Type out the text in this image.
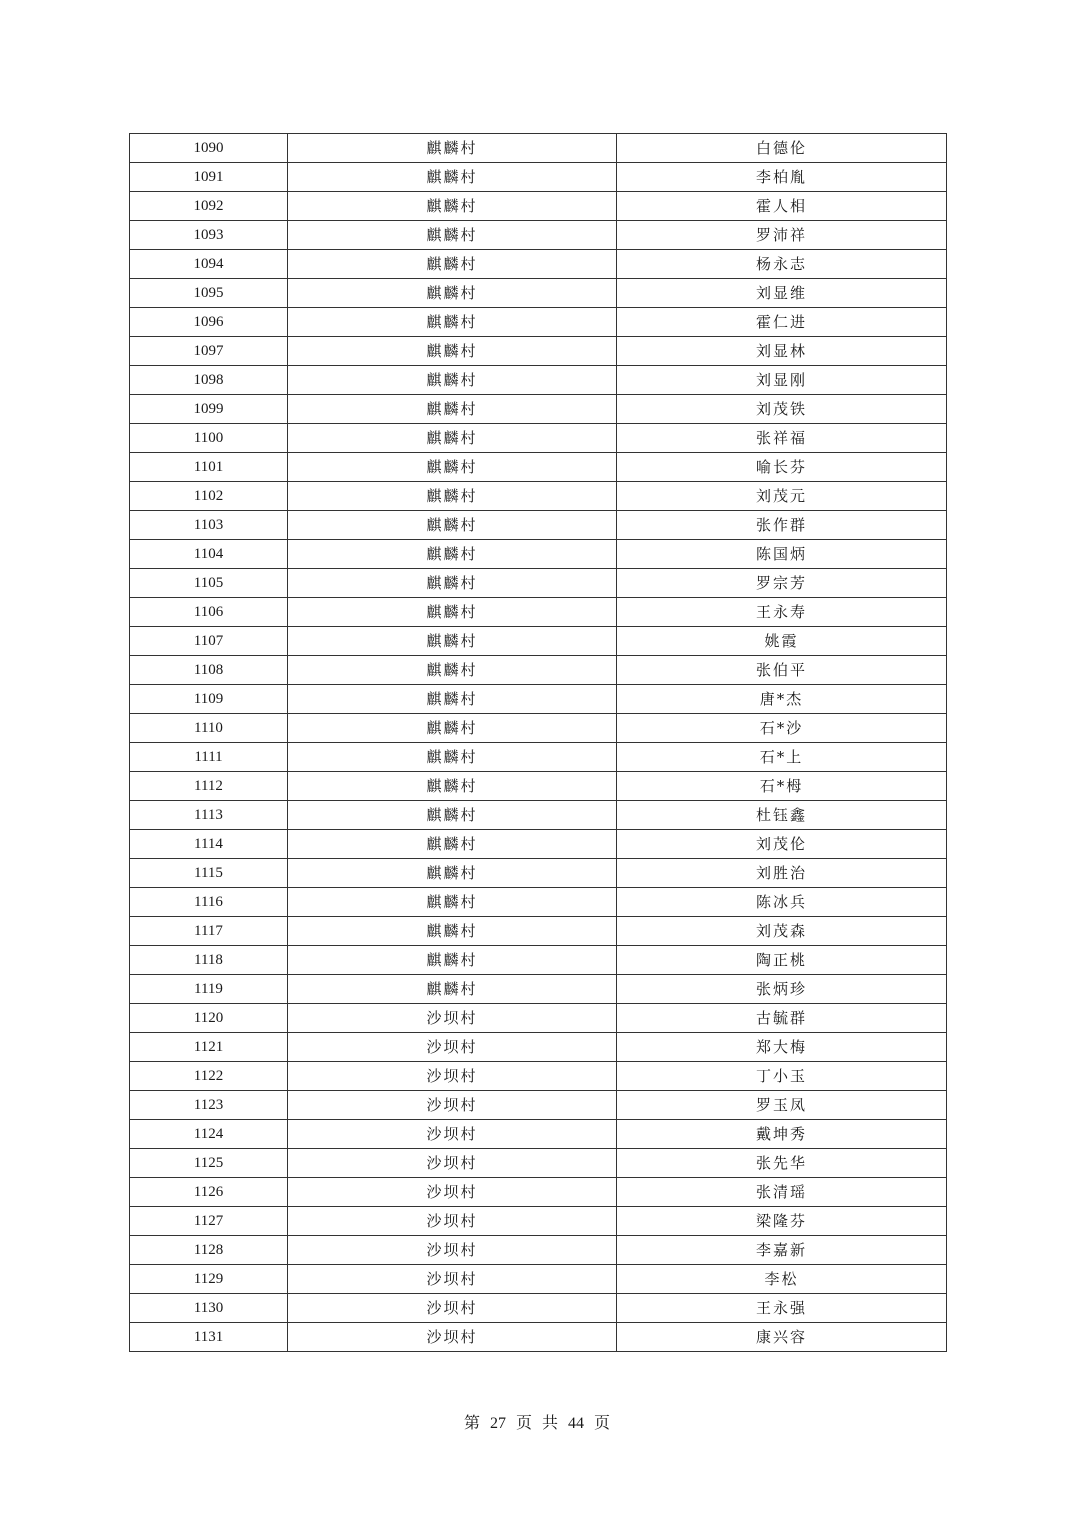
1090	麒麟村	白德伦
1091	麒麟村	李柏胤
1092	麒麟村	霍人相
1093	麒麟村	罗沛祥
1094	麒麟村	杨永志
1095	麒麟村	刘显维
1096	麒麟村	霍仁进
1097	麒麟村	刘显林
1098	麒麟村	刘显刚
1099	麒麟村	刘茂铁
1100	麒麟村	张祥福
1101	麒麟村	喻长芬
1102	麒麟村	刘茂元
1103	麒麟村	张作群
1104	麒麟村	陈国炳
1105	麒麟村	罗宗芳
1106	麒麟村	王永寿
1107	麒麟村	姚霞
1108	麒麟村	张伯平
1109	麒麟村	唐*杰
1110	麒麟村	石*沙
1111	麒麟村	石*上
1112	麒麟村	石*栂
1113	麒麟村	杜钰鑫
1114	麒麟村	刘茂伦
1115	麒麟村	刘胜治
1116	麒麟村	陈冰兵
1117	麒麟村	刘茂森
1118	麒麟村	陶正桃
1119	麒麟村	张炳珍
1120	沙坝村	古毓群
1121	沙坝村	郑大梅
1122	沙坝村	丁小玉
1123	沙坝村	罗玉凤
1124	沙坝村	戴坤秀
1125	沙坝村	张先华
1126	沙坝村	张清瑶
1127	沙坝村	梁隆芬
1128	沙坝村	李嘉新
1129	沙坝村	李松
1130	沙坝村	王永强
1131	沙坝村	康兴容
第 27 页 共 44 页
